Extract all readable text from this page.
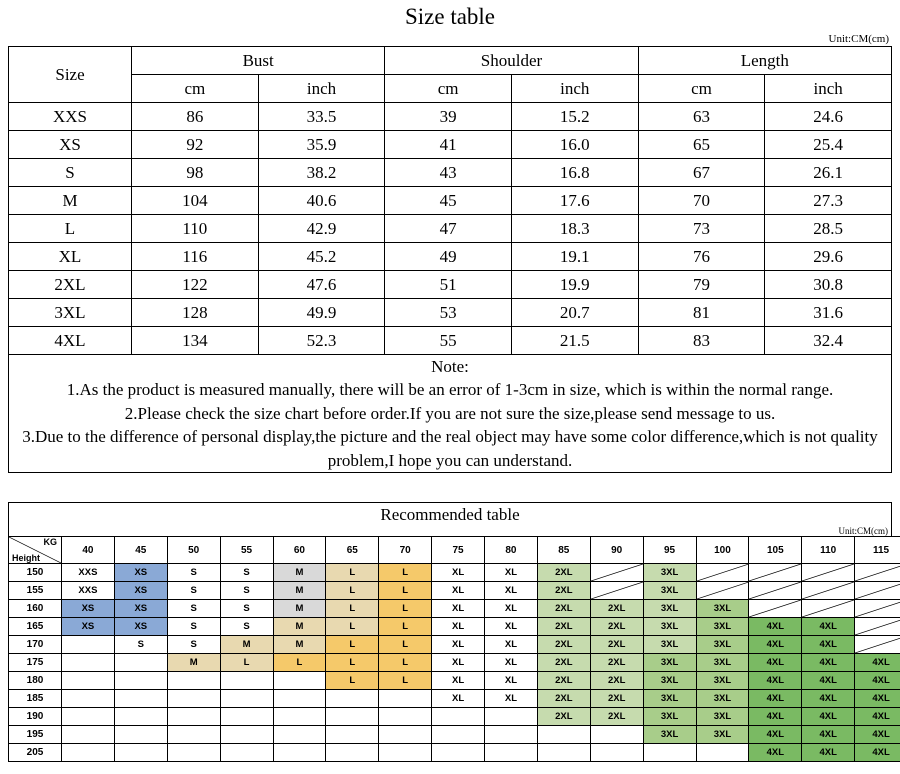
Size table
Unit:CM(cm)
Size	Bust		Shoulder		Length	
	cm	inch	cm	inch	cm	inch
XXS	86	33.5	39	15.2	63	24.6
XS	92	35.9	41	16.0	65	25.4
S	98	38.2	43	16.8	67	26.1
M	104	40.6	45	17.6	70	27.3
L	110	42.9	47	18.3	73	28.5
XL	116	45.2	49	19.1	76	29.6
2XL	122	47.6	51	19.9	79	30.8
3XL	128	49.9	53	20.7	81	31.6
4XL	134	52.3	55	21.5	83	32.4

Note:
1.As the product is measured manually, there will be an error of 1-3cm in size, which is within the normal range.
2.Please check the size chart before order.If you are not sure the size,please send message to us.
3.Due to the difference of personal display,the picture and the real object may have some color difference,which is not quality problem,I hope you can understand.						
Recommended table
Unit:CM(cm)
KG
Height	40	45	50	55	60	65	70	75	80	85	90	95	100	105	110	115
150	XXS	XS	S	S	M	L	L	XL	XL	2XL		3XL	

155	XXS	XS	S	S	M	L	L	XL	XL	2XL		3XL	

160	XS	XS	S	S	M	L	L	XL	XL	2XL	2XL	3XL	3XL	

165	XS	XS	S	S	M	L	L	XL	XL	2XL	2XL	3XL	3XL	4XL	4XL	

170		S	S	M	M	L	L	XL	XL	2XL	2XL	3XL	3XL	4XL	4XL	

175			M	L	L	L	L	XL	XL	2XL	2XL	3XL	3XL	4XL	4XL	4XL
180						L	L	XL	XL	2XL	2XL	3XL	3XL	4XL	4XL	4XL
185								XL	XL	2XL	2XL	3XL	3XL	4XL	4XL	4XL
190										2XL	2XL	3XL	3XL	4XL	4XL	4XL
195												3XL	3XL	4XL	4XL	4XL
205														4XL	4XL	4XL
